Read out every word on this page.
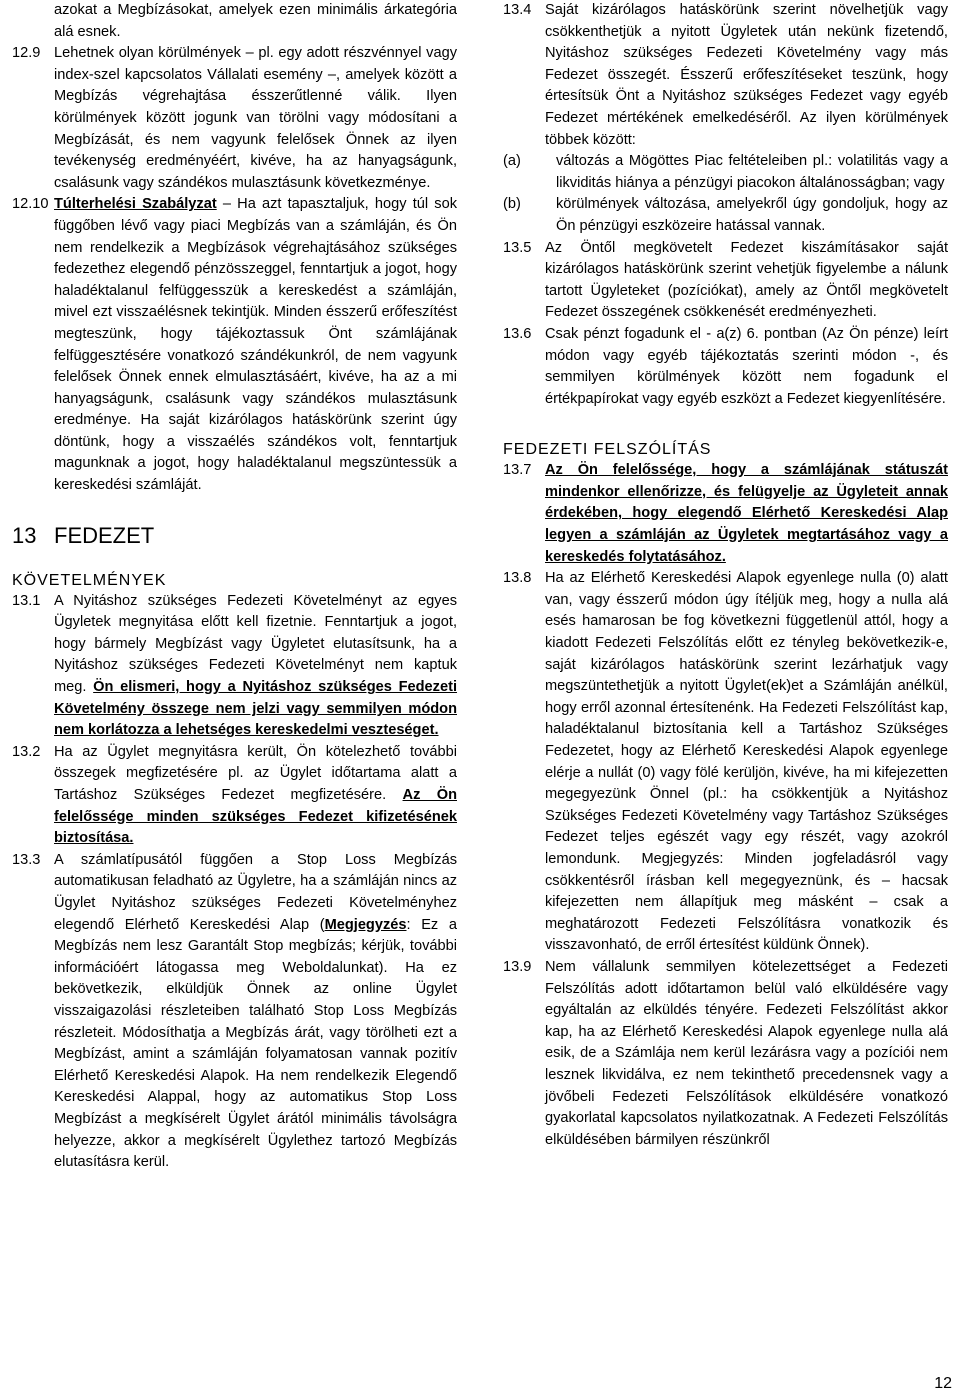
azokat a Megbízásokat, amelyek ezen minimális árkategória alá esnek.
12.9 Lehetnek olyan körülmények – pl. egy adott részvénnyel vagy index-szel kapcsolatos Vállalati esemény –, amelyek között a Megbízás végrehajtása ésszerűtlenné válik. Ilyen körülmények között jogunk van törölni vagy módosítani a Megbízását, és nem vagyunk felelősek Önnek az ilyen tevékenység eredményéért, kivéve, ha az hanyagságunk, csalásunk vagy szándékos mulasztásunk következménye.
12.10 Túlterhelési Szabályzat – Ha azt tapasztaljuk, hogy túl sok függőben lévő vagy piaci Megbízás van a számláján, és Ön nem rendelkezik a Megbízások végrehajtásához szükséges fedezethez elegendő pénzösszeggel, fenntartjuk a jogot, hogy haladéktalanul felfüggesszük a kereskedést a számláján, mivel ezt visszaélésnek tekintjük. Minden ésszerű erőfeszítést megteszünk, hogy tájékoztassuk Önt számlájának felfüggesztésére vonatkozó szándékunkról, de nem vagyunk felelősek Önnek ennek elmulasztásáért, kivéve, ha az a mi hanyagságunk, csalásunk vagy szándékos mulasztásunk eredménye. Ha saját kizárólagos hatáskörünk szerint úgy döntünk, hogy a visszaélés szándékos volt, fenntartjuk magunknak a jogot, hogy haladéktalanul megszüntessük a kereskedési számláját.
13 FEDEZET
KÖVETELMÉNYEK
13.1 A Nyitáshoz szükséges Fedezeti Követelményt az egyes Ügyletek megnyitása előtt kell fizetnie. Fenntartjuk a jogot, hogy bármely Megbízást vagy Ügyletet elutasítsunk, ha a Nyitáshoz szükséges Fedezeti Követelményt nem kaptuk meg. Ön elismeri, hogy a Nyitáshoz szükséges Fedezeti Követelmény összege nem jelzi vagy semmilyen módon nem korlátozza a lehetséges kereskedelmi veszteséget.
13.2 Ha az Ügylet megnyitásra került, Ön kötelezhető további összegek megfizetésére pl. az Ügylet időtartama alatt a Tartáshoz Szükséges Fedezet megfizetésére. Az Ön felelőssége minden szükséges Fedezet kifizetésének biztosítása.
13.3 A számlatípusától függően a Stop Loss Megbízás automatikusan feladható az Ügyletre, ha a számláján nincs az Ügylet Nyitáshoz szükséges Fedezeti Követelményhez elegendő Elérhető Kereskedési Alap (Megjegyzés: Ez a Megbízás nem lesz Garantált Stop megbízás; kérjük, további információért látogassa meg Weboldalunkat). Ha ez bekövetkezik, elküldjük Önnek az online Ügylet visszaigazolási részleteiben található Stop Loss Megbízás részleteit. Módosíthatja a Megbízás árát, vagy törölheti ezt a Megbízást, amint a számláján folyamatosan vannak pozitív Elérhető Kereskedési Alapok. Ha nem rendelkezik Elegendő Kereskedési Alappal, hogy az automatikus Stop Loss Megbízást a megkísérelt Ügylet árától minimális távolságra helyezze, akkor a megkísérelt Ügylethez tartozó Megbízás elutasításra kerül.
13.4 Saját kizárólagos hatáskörünk szerint növelhetjük vagy csökkenthetjük a nyitott Ügyletek után nekünk fizetendő, Nyitáshoz szükséges Fedezeti Követelmény vagy más Fedezet összegét. Ésszerű erőfeszítéseket teszünk, hogy értesítsük Önt a Nyitáshoz szükséges Fedezet vagy egyéb Fedezet mértékének emelkedéséről. Az ilyen körülmények többek között:
(a)	változás a Mögöttes Piac feltételeiben pl.: volatilitás vagy a likviditás hiánya a pénzügyi piacokon általánosságban; vagy
(b)	körülmények változása, amelyekről úgy gondoljuk, hogy az Ön pénzügyi eszközeire hatással vannak.
13.5 Az Öntől megkövetelt Fedezet kiszámításakor saját kizárólagos hatáskörünk szerint vehetjük figyelembe a nálunk tartott Ügyleteket (pozíciókat), amely az Öntől megkövetelt Fedezet összegének csökkenését eredményezheti.
13.6 Csak pénzt fogadunk el - a(z) 6. pontban (Az Ön pénze) leírt módon vagy egyéb tájékoztatás szerinti módon -, és semmilyen körülmények között nem fogadunk el értékpapírokat vagy egyéb eszközt a Fedezet kiegyenlítésére.
FEDEZETI FELSZÓLÍTÁS
13.7 Az Ön felelőssége, hogy a számlájának státuszát mindenkor ellenőrizze, és felügyelje az Ügyleteit annak érdekében, hogy elegendő Elérhető Kereskedési Alap legyen a számláján az Ügyletek megtartásához vagy a kereskedés folytatásához.
13.8 Ha az Elérhető Kereskedési Alapok egyenlege nulla (0) alatt van, vagy ésszerű módon úgy ítéljük meg, hogy a nulla alá esés hamarosan be fog következni függetlenül attól, hogy a kiadott Fedezeti Felszólítás előtt ez tényleg bekövetkezik-e, saját kizárólagos hatáskörünk szerint lezárhatjuk vagy megszüntethetjük a nyitott Ügylet(ek)et a Számláján anélkül, hogy erről azonnal értesítenénk. Ha Fedezeti Felszólítást kap, haladéktalanul biztosítania kell a Tartáshoz Szükséges Fedezetet, hogy az Elérhető Kereskedési Alapok egyenlege elérje a nullát (0) vagy fölé kerüljön, kivéve, ha mi kifejezetten megegyezünk Önnel (pl.: ha csökkentjük a Nyitáshoz Szükséges Fedezeti Követelmény vagy Tartáshoz Szükséges Fedezet teljes egészét vagy egy részét, vagy azokról lemondunk. Megjegyzés: Minden jogfeladásról vagy csökkentésről írásban kell megegyeznünk, és – hacsak kifejezetten nem állapítjuk meg másként – csak a meghatározott Fedezeti Felszólításra vonatkozik és visszavonható, de erről értesítést küldünk Önnek).
13.9 Nem vállalunk semmilyen kötelezettséget a Fedezeti Felszólítás adott időtartamon belül való elküldésére vagy egyáltalán az elküldés tényére. Fedezeti Felszólítást akkor kap, ha az Elérhető Kereskedési Alapok egyenlege nulla alá esik, de a Számlája nem kerül lezárásra vagy a pozíciói nem lesznek likvidálva, ez nem tekinthető precedensnek vagy a jövőbeli Fedezeti Felszólítások elküldésére vonatkozó gyakorlatal kapcsolatos nyilatkozatnak. A Fedezeti Felszólítás elküldésében bármilyen részünkről
12
